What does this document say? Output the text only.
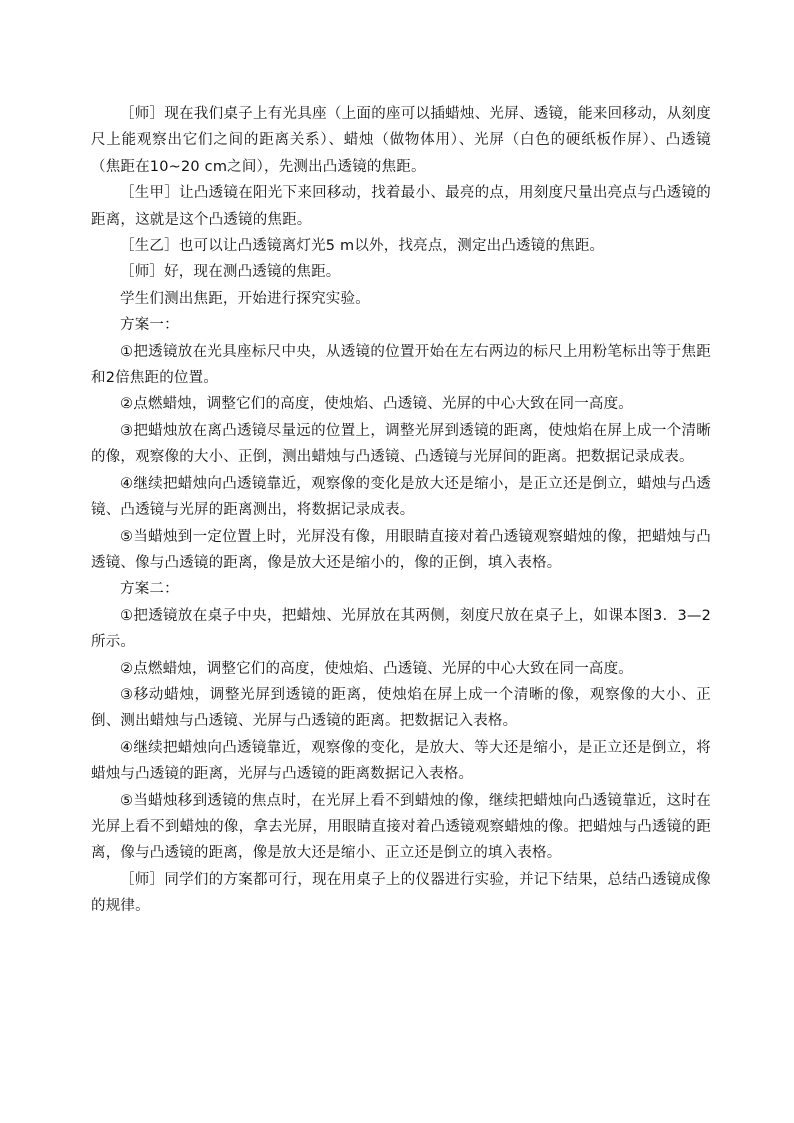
［师］现在我们桌子上有光具座（上面的座可以插蜡烛、光屏、透镜，能来回移动，从刻度尺上能观察出它们之间的距离关系）、蜡烛（做物体用）、光屏（白色的硬纸板作屏）、凸透镜（焦距在10~20 cm之间），先测出凸透镜的焦距。

［生甲］让凸透镜在阳光下来回移动，找着最小、最亮的点，用刻度尺量出亮点与凸透镜的距离，这就是这个凸透镜的焦距。

［生乙］也可以让凸透镜离灯光5 m以外，找亮点，测定出凸透镜的焦距。

［师］好，现在测凸透镜的焦距。

学生们测出焦距，开始进行探究实验。

方案一：

①把透镜放在光具座标尺中央，从透镜的位置开始在左右两边的标尺上用粉笔标出等于焦距和2倍焦距的位置。

②点燃蜡烛，调整它们的高度，使烛焰、凸透镜、光屏的中心大致在同一高度。

③把蜡烛放在离凸透镜尽量远的位置上，调整光屏到透镜的距离，使烛焰在屏上成一个清晰的像，观察像的大小、正倒，测出蜡烛与凸透镜、凸透镜与光屏间的距离。把数据记录成表。

④继续把蜡烛向凸透镜靠近，观察像的变化是放大还是缩小，是正立还是倒立，蜡烛与凸透镜、凸透镜与光屏的距离测出，将数据记录成表。

⑤当蜡烛到一定位置上时，光屏没有像，用眼睛直接对着凸透镜观察蜡烛的像，把蜡烛与凸透镜、像与凸透镜的距离，像是放大还是缩小的，像的正倒，填入表格。

方案二：

①把透镜放在桌子中央，把蜡烛、光屏放在其两侧，刻度尺放在桌子上，如课本图3．3—2所示。

②点燃蜡烛，调整它们的高度，使烛焰、凸透镜、光屏的中心大致在同一高度。

③移动蜡烛，调整光屏到透镜的距离，使烛焰在屏上成一个清晰的像，观察像的大小、正倒、测出蜡烛与凸透镜、光屏与凸透镜的距离。把数据记入表格。

④继续把蜡烛向凸透镜靠近，观察像的变化，是放大、等大还是缩小，是正立还是倒立，将蜡烛与凸透镜的距离，光屏与凸透镜的距离数据记入表格。

⑤当蜡烛移到透镜的焦点时，在光屏上看不到蜡烛的像，继续把蜡烛向凸透镜靠近，这时在光屏上看不到蜡烛的像，拿去光屏，用眼睛直接对着凸透镜观察蜡烛的像。把蜡烛与凸透镜的距离，像与凸透镜的距离，像是放大还是缩小、正立还是倒立的填入表格。

［师］同学们的方案都可行，现在用桌子上的仪器进行实验，并记下结果，总结凸透镜成像的规律。
